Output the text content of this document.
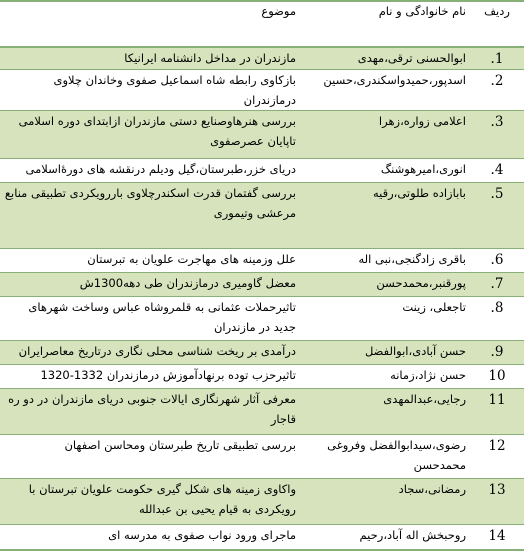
ردیف	نام خانوادگی و نام	موضوع
1.	ابوالحسنی ترقی،مهدی	مازندران در مداخل دانشنامه ایرانیکا
2.	اسدپور،حمیدواسکندری،حسین	بازکاوی رابطه شاه اسماعیل صفوی وخاندان چلاوی درمازندران
3.	اعلامی زواره،زهرا	بررسی هنرهاوصنایع دستی مازندران ازابتدای دوره اسلامی تاپایان عصرصفوی
4.	انوری،امیرهوشنگ	دریای خزر،طبرستان،گیل ودیلم درنقشه های دورۀاسلامی
5.	بابازاده طلوتی،رقیه	بررسی گفتمان قدرت اسکندرچلاوی باررویکردی تطبیقی منابع مرعشی وتیموری
6.	باقری زادگنجی،نبی اله	علل وزمینه های مهاجرت علویان به تبرستان
7.	پورقنبر،محمدحسن	معضل گاومیری درمازندران طی دهه1300ش
8.	تاجعلی، زینت	تاثیرحملات عثمانی به قلمروشاه عباس وساخت شهرهای جدید در مازندران
9.	حسن آبادی،ابوالفضل	درآمدی بر ریخت شناسی محلی نگاری درتاریخ معاصرایران
10	حسن نژاد،زمانه	تاثیرحزب توده برنهادآموزش درمازندران 1332-1320
11	رجایی،عبدالمهدی	معرفی آثار شهرنگاری ایالات جنوبی دریای مازندران در دو ره قاجار
12	رضوی،سیدابوالفضل وفروغی محمدحسن	بررسی تطبیقی تاریخ طبرستان ومحاسن اصفهان
13	رمضانی،سجاد	واکاوی زمینه های شکل گیری حکومت علویان تبرستان با رویکردی به قیام یحیی بن عبدالله
14	روحبخش اله آباد،رحیم	ماجرای ورود نواب صفوی به مدرسه ای
